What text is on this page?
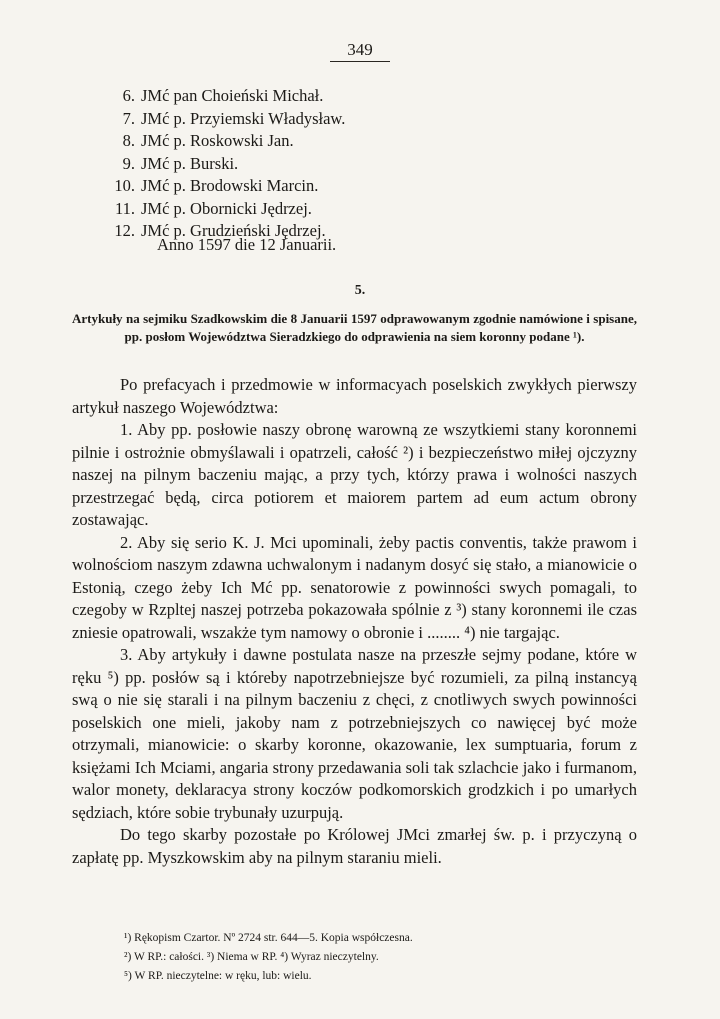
349
6. JMć pan Choieński Michał.
7. JMć p. Przyiemski Władysław.
8. JMć p. Roskowski Jan.
9. JMć p. Burski.
10. JMć p. Brodowski Marcin.
11. JMć p. Obornicki Jędrzej.
12. JMć p. Grudzieński Jędrzej.
Anno 1597 die 12 Januarii.
5.
Artykuły na sejmiku Szadkowskim die 8 Januarii 1597 odprawowanym zgodnie namówione i spisane, pp. posłom Województwa Sieradzkiego do odprawienia na siem koronny podane ¹).

Po prefacyach i przedmowie w informacyach poselskich zwykłych pierwszy artykuł naszego Województwa:

1. Aby pp. posłowie naszy obronę warowną ze wszytkiemi stany koronnemi pilnie i ostrożnie obmyślawali i opatrzeli, całość ²) i bezpieczeństwo miłej ojczyzny naszej na pilnym baczeniu mając, a przy tych, którzy prawa i wolności naszych przestrzegać będą, circa potiorem et maiorem partem ad eum actum obrony zostawając.

2. Aby się serio K. J. Mci upominali, żeby pactis conventis, także prawom i wolnościom naszym zdawna uchwalonym i nadanym dosyć się stało, a mianowicie o Estonią, czego żeby Ich Mć pp. senatorowie z powinności swych pomagali, to czegoby w Rzpltej naszej potrzeba pokazowała spólnie z ³) stany koronnemi ile czas zniesie opatrowali, wszakże tym namowy o obronie i ........ ⁴) nie targając.

3. Aby artykuły i dawne postulata nasze na przeszłe sejmy podane, które w ręku ⁵) pp. posłów są i któreby napotrzebniejsze być rozumieli, za pilną instancyą swą o nie się starali i na pilnym baczeniu z chęci, z cnotliwych swych powinności poselskich one mieli, jakoby nam z potrzebniejszych co nawięcej być może otrzymali, mianowicie: o skarby koronne, okazowanie, lex sumptuaria, forum z księżami Ich Mciami, angaria strony przedawania soli tak szlachcie jako i furmanom, walor monety, deklaracya strony koczów podkomorskich grodzkich i po umarłych sędziach, które sobie trybunały uzurpują.

Do tego skarby pozostałe po Królowej JMci zmarłej św. p. i przyczyną o zapłatę pp. Myszkowskim aby na pilnym staraniu mieli.

¹) Rękopism Czartor. Nº 2724 str. 644—5. Kopia współczesna.
²) W RP.: całości. ³) Niema w RP. ⁴) Wyraz nieczytelny.
⁵) W RP. nieczytelne: w ręku, lub: wielu.
